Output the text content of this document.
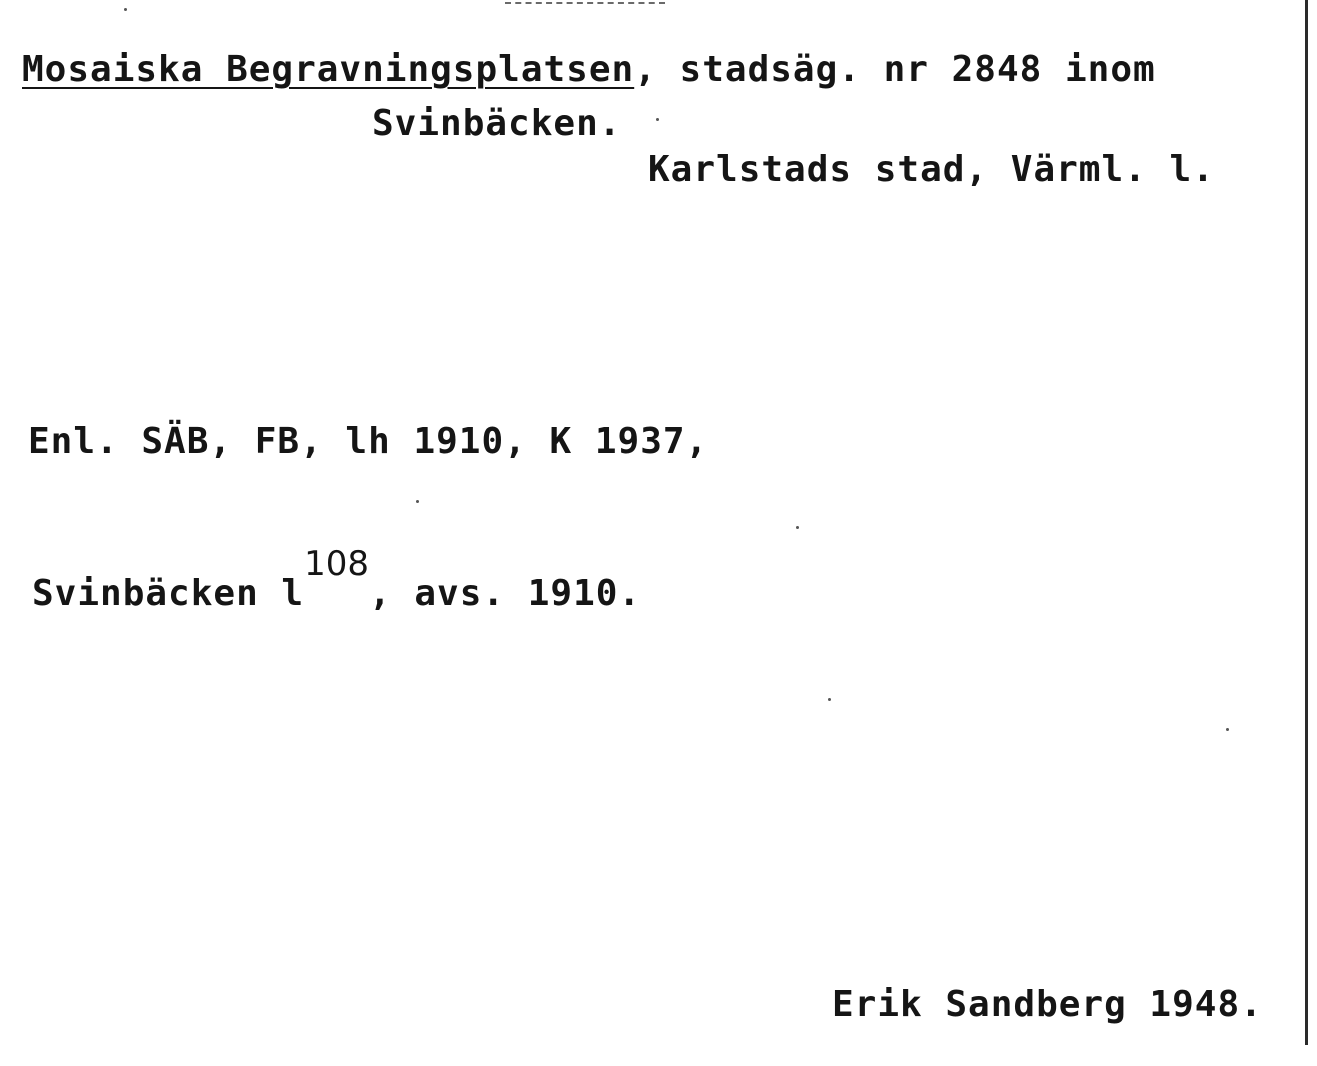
Mosaiska Begravningsplatsen, stadsäg. nr 2848 inom
Svinbäcken.
Karlstads stad, Värml. l.
Enl. SÄB, FB, lh 1910, K 1937,
Svinbäcken l108, avs. 1910.
Erik Sandberg 1948.
